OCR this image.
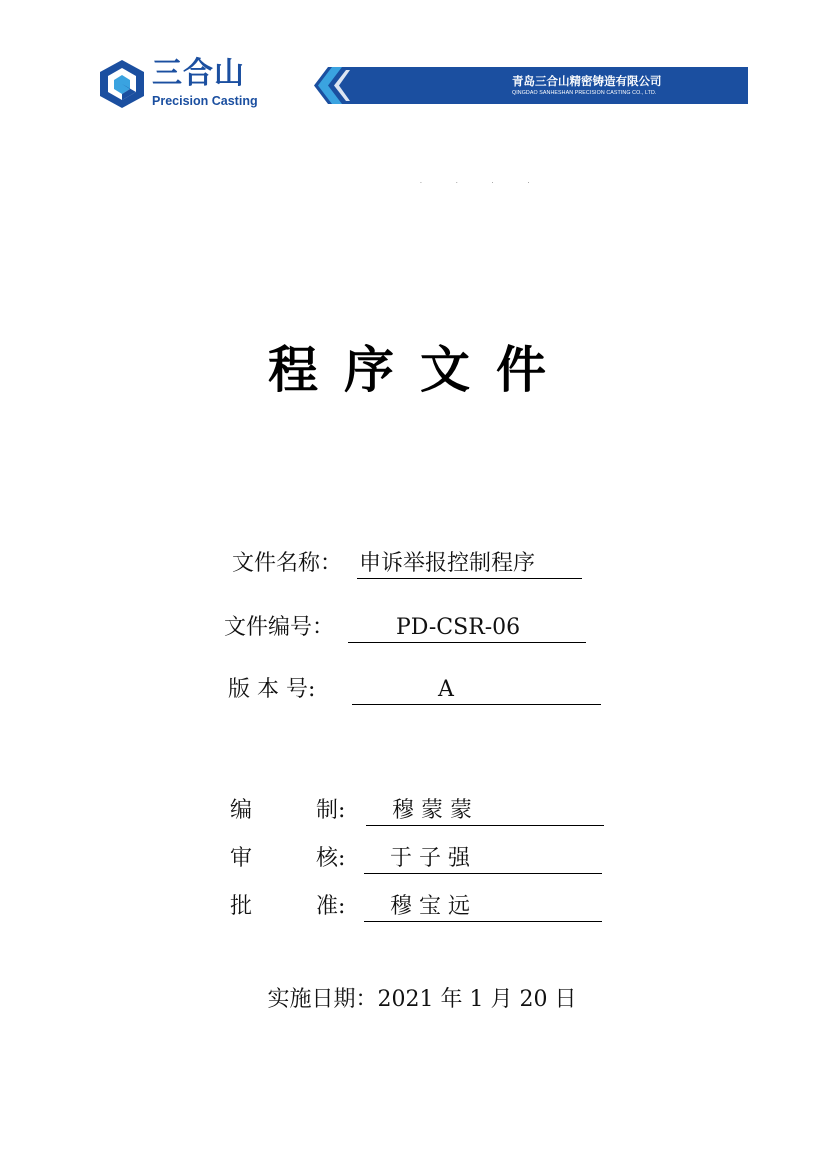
三合山
Precision Casting
青岛三合山精密铸造有限公司
QINGDAO SANHESHAN PRECISION CASTING CO., LTD.
· · · ·
程序文件
文件名称： 申诉举报控制程序
文件编号：	PD-CSR-06
版 本 号:	A
编	制: 穆 蒙 蒙
审	核: 于 子 强
批	准: 穆 宝 远
实施日期：2021 年 1 月 20 日
